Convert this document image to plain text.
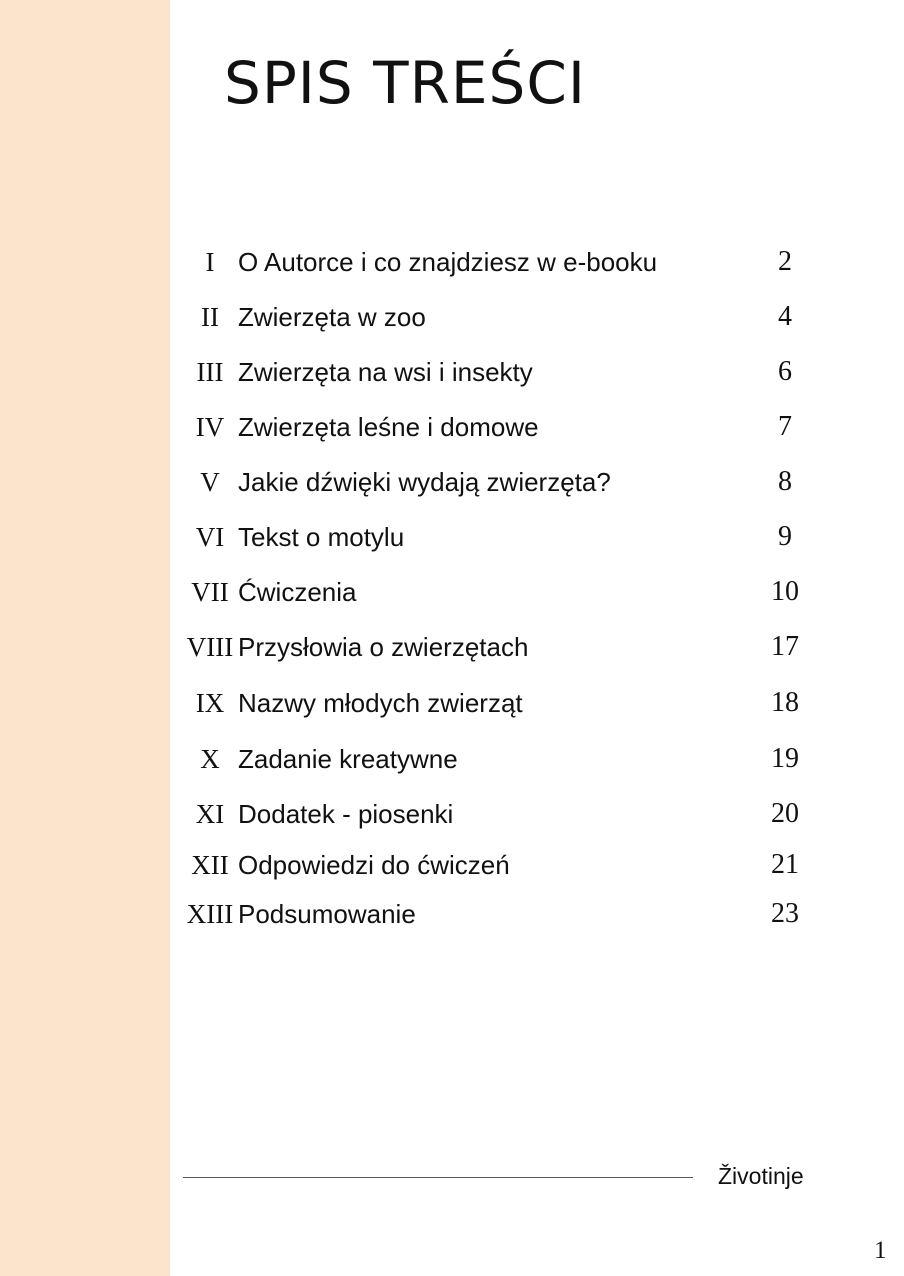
SPIS TREŚCI
I O Autorce i co znajdziesz w e-booku	2
II Zwierzęta w zoo	4
III Zwierzęta na wsi i insekty	6
IV Zwierzęta leśne i domowe	7
V Jakie dźwięki wydają zwierzęta?	8
VI Tekst o motylu	9
VII Ćwiczenia	10
VIII Przysłowia o zwierzętach	17
IX Nazwy młodych zwierząt	18
X Zadanie kreatywne	19
XI Dodatek - piosenki	20
XII Odpowiedzi do ćwiczeń	21
XIII Podsumowanie	23
Životinje
1
